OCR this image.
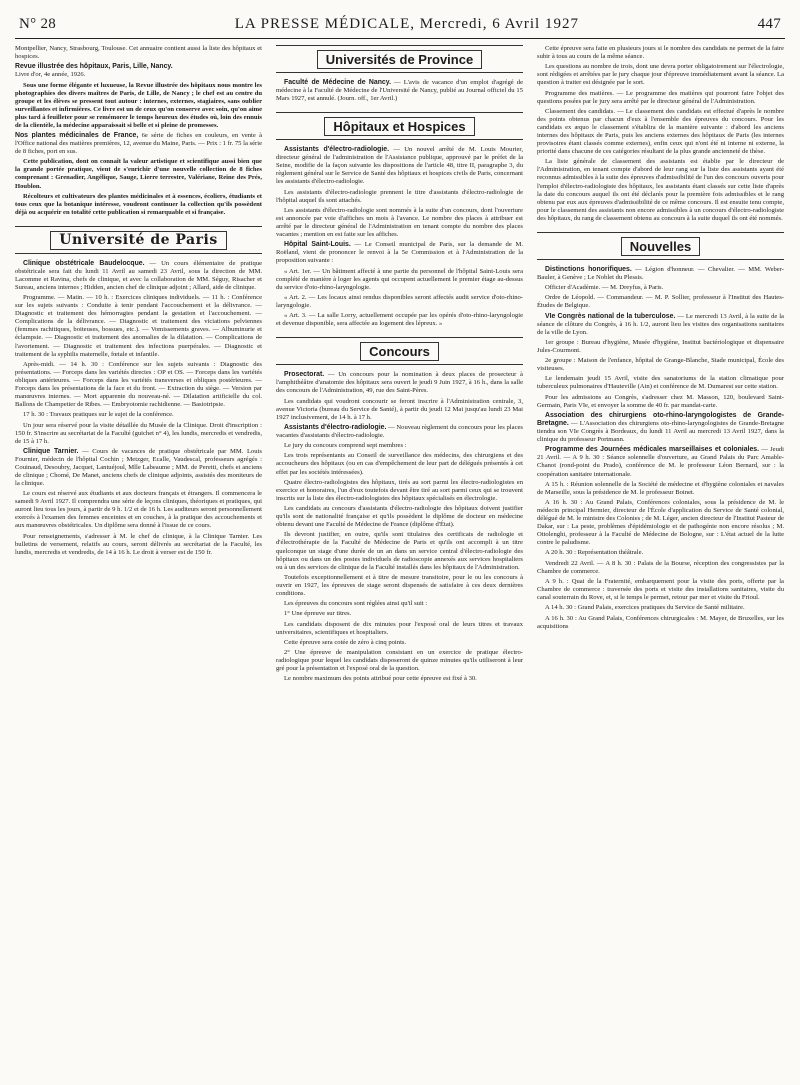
N° 28	LA PRESSE MÉDICALE, Mercredi, 6 Avril 1927	447

Montpellier, Nancy, Strasbourg, Toulouse. Cet annuaire contient aussi la liste des hôpitaux et hospices.

Revue illustrée des hôpitaux, Paris, Lille, Nancy.
Livre d'or, 4e année, 1926.

Sous une forme élégante et luxueuse, la Revue illustrée des hôpitaux nous montre les photographies des divers maîtres de Paris, de Lille, de Nancy ; le chef est au centre du groupe et les élèves se pressent tout autour : internes, externes, stagiaires, sans oublier surveillantes et infirmières. Ce livre est un de ceux qu'on conserve avec soin, qu'on aime plus tard à feuilleter pour se remémorer le temps heureux des études où, loin des ennuis de la clientèle, la médecine apparaissait si belle et si pleine de promesses.

Nos plantes médicinales de France, 6e série de fiches en couleurs, en vente à l'Office national des matières premières, 12, avenue du Maine, Paris. — Prix : 1 fr. 75 la série de 8 fiches, port en sus.

Cette publication, dont on connaît la valeur artistique et scientifique aussi bien que la grande portée pratique, vient de s'enrichir d'une nouvelle collection de 8 fiches comprenant : Grenadier, Angélique, Sauge, Lierre terrestre, Valériane, Reine des Prés, Houblon.

Récolteurs et cultivateurs des plantes médicinales et à essences, écoliers, étudiants et tous ceux que la botanique intéresse, voudront continuer la collection qu'ils possèdent déjà ou acquérir en totalité cette publication si remarquable et si française.

Université de Paris

Clinique obstétricale Baudelocque. — Un cours élémentaire de pratique obstétricale sera fait du lundi 11 Avril au samedi 23 Avril, sous la direction de MM. Lacomme et Ravina, chefs de clinique, et avec la collaboration de MM. Séguy, Risacher et Sureau, anciens internes ; Hidden, ancien chef de clinique adjoint ; Allard, aide de clinique.

Programme. — Matin. — 10 h. : Exercices cliniques individuels. — 11 h. : Conférence sur les sujets suivants : Conduite à tenir pendant l'accouchement et la délivrance. — Diagnostic et traitement des hémorragies pendant la gestation et l'accouchement. — Complications de la délivrance. — Diagnostic et traitement des viciations pelviennes (femmes rachitiques, boiteuses, bossues, etc.). — Vomissements graves. — Albuminurie et éclampsie. — Diagnostic et traitement des anomalies de la dilatation. — Complications de l'avortement. — Diagnostic et traitement des infections puerpérales. — Diagnostic et traitement de la syphilis maternelle, fœtale et infantile.

Après-midi. — 14 h. 30 : Conférence sur les sujets suivants : Diagnostic des présentations. — Forceps dans les variétés directes : OP et OS. — Forceps dans les variétés obliques antérieures. — Forceps dans les variétés transverses et obliques postérieures. — Forceps dans les présentations de la face et du front. — Extraction du siège. — Version par manœuvres internes. — Mort apparente du nouveau-né. — Dilatation artificielle du col. Ballons de Champetier de Ribes. — Embryotomie rachidienne. — Basiotripsie.

17 h. 30 : Travaux pratiques sur le sujet de la conférence.

Un jour sera réservé pour la visite détaillée du Musée de la Clinique. Droit d'inscription : 150 fr. S'inscrire au secrétariat de la Faculté (guichet n° 4), les lundis, mercredis et vendredis, de 15 à 17 h.

Clinique Tarnier. — Cours de vacances de pratique obstétricale par MM. Louis Fournier, médecin de l'hôpital Cochin ; Metzger, Ecalle, Vaudescal, professeurs agrégés : Couinaud, Desoubry, Jacquet, Lantuéjoul, Mlle Labeaume ; MM. de Peretti, chefs et anciens de clinique ; Chomé, De Manet, anciens chefs de clinique adjoints, assistés des moniteurs de la clinique.

Le cours est réservé aux étudiants et aux docteurs français et étrangers. Il commencera le samedi 9 Avril 1927. Il comprendra une série de leçons cliniques, théoriques et pratiques, qui auront lieu tous les jours, à partir de 9 h. 1/2 et de 16 h. Les auditeurs seront personnellement exercés à l'examen des femmes enceintes et en couches, à la pratique des accouchements et aux manœuvres obstétricales. Un diplôme sera donné à l'issue de ce cours.

Pour renseignements, s'adresser à M. le chef de clinique, à la Clinique Tarnier. Les bulletins de versement, relatifs au cours, seront délivrés au secrétariat de la Faculté, les lundis, mercredis et vendredis, de 14 à 16 h. Le droit à verser est de 150 fr.

Universités de Province

Faculté de Médecine de Nancy. — L'avis de vacance d'un emploi d'agrégé de médecine à la Faculté de Médecine de l'Université de Nancy, publié au Journal officiel du 15 Mars 1927, est annulé. (Journ. off., 1er Avril.)

Hôpitaux et Hospices

Assistants d'électro-radiologie. — Un nouvel arrêté de M. Louis Mourier, directeur général de l'administration de l'Assistance publique, approuvé par le préfet de la Seine, modifie de la façon suivante les dispositions de l'article 48, titre II, paragraphe 3, du règlement général sur le Service de Santé des hôpitaux et hospices civils de Paris, concernant les assistants d'électro-radiologie.

Les assistants d'électro-radiologie prennent le titre d'assistants d'électro-radiologie de l'hôpital auquel ils sont attachés.

Les assistants d'électro-radiologie sont nommés à la suite d'un concours, dont l'ouverture est annoncée par voie d'affiches un mois à l'avance. Le nombre des places à attribuer est arrêté par le directeur général de l'Administration en tenant compte du nombre des places vacantes ; mention en est faite sur les affiches.

Hôpital Saint-Louis. — Le Conseil municipal de Paris, sur la demande de M. Roëland, vient de prononcer le renvoi à la 5e Commission et à l'Administration de la proposition suivante :

« Art. 1er. — Un bâtiment affecté à une partie du personnel de l'hôpital Saint-Louis sera complété de manière à loger les agents qui occupent actuellement le premier étage au-dessus du service d'oto-rhino-laryngologie.

« Art. 2. — Les locaux ainsi rendus disponibles seront affectés audit service d'oto-rhino-laryngologie.

« Art. 3. — La salle Lorry, actuellement occupée par les opérés d'oto-rhino-laryngologie et devenue disponible, sera affectée au logement des lépreux. »

Concours

Prosectorat. — Un concours pour la nomination à deux places de prosecteur à l'amphithéâtre d'anatomie des hôpitaux sera ouvert le jeudi 9 Juin 1927, à 16 h., dans la salle des concours de l'Administration, 49, rue des Saint-Pères.

Les candidats qui voudront concourir se feront inscrire à l'Administration centrale, 3, avenue Victoria (bureau du Service de Santé), à partir du jeudi 12 Mai jusqu'au lundi 23 Mai 1927 inclusivement, de 14 h. à 17 h.

Assistants d'électro-radiologie. — Nouveau règlement du concours pour les places vacantes d'assistants d'électro-radiologie.

Le jury du concours comprend sept membres :

Les trois représentants au Conseil de surveillance des médecins, des chirurgiens et des accoucheurs des hôpitaux (ou en cas d'empêchement de leur part de délégués présentés à cet effet par les sociétés intéressées).

Quatre électro-radiologistes des hôpitaux, tirés au sort parmi les électro-radiologistes en exercice et honoraires, l'un d'eux toutefois devant être tiré au sort parmi ceux qui se trouvent inscrits sur la liste des électro-radiologistes des hôpitaux spécialisés en électrologie.

Les candidats au concours d'assistants d'électro-radiologie des hôpitaux doivent justifier qu'ils sont de nationalité française et qu'ils possèdent le diplôme de docteur en médecine obtenu devant une Faculté de Médecine de France (diplôme d'État).

Ils devront justifier, en outre, qu'ils sont titulaires des certificats de radiologie et d'électrothérapie de la Faculté de Médecine de Paris et qu'ils ont accompli à un titre quelconque un stage d'une durée de un an dans un service central d'électro-radiologie des hôpitaux ou dans un des postes individuels de radioscopie annexés aux services hospitaliers ou à un des services de clinique de la Faculté installés dans les hôpitaux de l'Administration.

Toutefois exceptionnellement et à titre de mesure transitoire, pour le ou les concours à ouvrir en 1927, les épreuves de stage seront dispensés de satisfaire à ces deux dernières conditions.

Les épreuves du concours sont réglées ainsi qu'il suit :

1° Une épreuve sur titres.

Les candidats disposent de dix minutes pour l'exposé oral de leurs titres et travaux universitaires, scientifiques et hospitaliers.

Cette épreuve sera cotée de zéro à cinq points.

2° Une épreuve de manipulation consistant en un exercice de pratique électro-radiologique pour lequel les candidats disposeront de quinze minutes qu'ils utiliseront à leur gré pour la présentation et l'exposé oral de la question.

Le nombre maximum des points attribué pour cette épreuve est fixé à 30.

Cette épreuve sera faite en plusieurs jours si le nombre des candidats ne permet de la faire subir à tous au cours de la même séance.

Les questions au nombre de trois, dont une devra porter obligatoirement sur l'électrologie, sont rédigées et arrêtées par le jury chaque jour d'épreuve immédiatement avant la séance. La question à traiter est désignée par le sort.

Programme des matières. — Le programme des matières qui pourront faire l'objet des questions posées par le jury sera arrêté par le directeur général de l'Administration.

Classement des candidats. — Le classement des candidats est effectué d'après le nombre des points obtenus par chacun d'eux à l'ensemble des épreuves du concours. Pour les candidats ex æquo le classement s'établira de la manière suivante : d'abord les anciens internes des hôpitaux de Paris, puis les anciens externes des hôpitaux de Paris (les internes provisoires étant classés comme externes), enfin ceux qui n'ont été ni interne ni externe, la priorité dans chacune de ces catégories résultant de la plus grande ancienneté de thèse.

La liste générale de classement des assistants est établie par le directeur de l'Administration, en tenant compte d'abord de leur rang sur la liste des assistants ayant été reconnus admissibles à la suite des épreuves d'admissibilité de l'un des concours ouverts pour l'emploi d'électro-radiologiste des hôpitaux, les assistants étant classés sur cette liste d'après la date du concours auquel ils ont été déclarés pour la première fois admissibles et le rang obtenu par eux aux épreuves d'admissibilité de ce même concours. Il est ensuite tenu compte, pour le classement des assistants non encore admissibles à un concours d'électro-radiologiste des hôpitaux, du rang de classement obtenu au concours à la suite duquel ils ont été nommés.

Nouvelles

Distinctions honorifiques. — Légion d'honneur. — Chevalier. — MM. Weber-Bauler, à Genève ; Le Noblet du Plessis.

Officier d'Académie. — M. Dreyfus, à Paris.

Ordre de Léopold. — Commandeur. — M. P. Sollier, professeur à l'Institut des Hautes-Études de Belgique.

VIe Congrès national de la tuberculose. — Le mercredi 13 Avril, à la suite de la séance de clôture du Congrès, à 16 h. 1/2, auront lieu les visites des organisations sanitaires de la ville de Lyon.

1er groupe : Bureau d'hygiène, Musée d'hygiène, Institut bactériologique et dispensaire Jules-Courmont.

2e groupe : Maison de l'enfance, hôpital de Grange-Blanche, Stade municipal, École des visiteuses.

Le lendemain jeudi 15 Avril, visite des sanatoriums de la station climatique pour tuberculeux pulmonaires d'Hauteville (Ain) et conférence de M. Dumarest sur cette station.

Pour les admissions au Congrès, s'adresser chez M. Masson, 120, boulevard Saint-Germain, Paris VIe, et envoyer la somme de 40 fr. par mandat-carte.

Association des chirurgiens oto-rhino-laryngologistes de Grande-Bretagne. — L'Association des chirurgiens oto-rhino-laryngologistes de Grande-Bretagne tiendra son VIe Congrès à Bordeaux, du lundi 11 Avril au mercredi 13 Avril 1927, dans la clinique du professeur Portmann.

Programme des Journées médicales marseillaises et coloniales. — Jeudi 21 Avril. — A 9 h. 30 : Séance solennelle d'ouverture, au Grand Palais du Parc Amable-Chanot (rond-point du Prado), conférence de M. le professeur Léon Bernard, sur : la coopération sanitaire internationale.

A 15 h. : Réunion solennelle de la Société de médecine et d'hygiène coloniales et navales de Marseille, sous la présidence de M. le professeur Boinet.

A 16 h. 30 : Au Grand Palais, Conférences coloniales, sous la présidence de M. le médecin principal Hermier, directeur de l'École d'application du Service de Santé colonial, délégué de M. le ministre des Colonies ; de M. Léger, ancien directeur de l'Institut Pasteur de Dakar, sur : La peste, problèmes d'épidémiologie et de pathogénie non encore résolus ; M. Ottolenghi, professeur à la Faculté de Médecine de Bologne, sur : L'état actuel de la lutte contre le paludisme.

A 20 h. 30 : Représentation théâtrale.

Vendredi 22 Avril. — A 8 h. 30 : Palais de la Bourse, réception des congressistes par la Chambre de commerce.

A 9 h. : Quai de la Fraternité, embarquement pour la visite des ports, offerte par la Chambre de commerce : traversée des ports et visite des installations sanitaires, visite du canal souterrain du Rove, et, si le temps le permet, retour par mer et visite du Frioul.

A 14 h. 30 : Grand Palais, exercices pratiques du Service de Santé militaire.

A 16 h. 30 : Au Grand Palais, Conférences chirurgicales : M. Mayer, de Bruxelles, sur les acquisitions
